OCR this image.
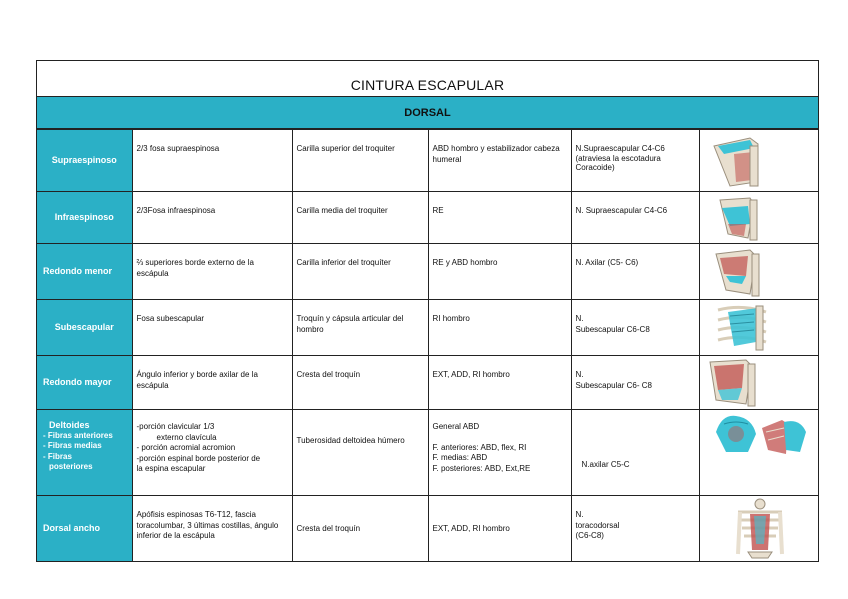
CINTURA ESCAPULAR
DORSAL
Supraespinoso	2/3 fosa supraespinosa	Carilla superior del troquiter	ABD hombro y estabilizador cabeza humeral	N.Supraescapular C4-C6
(atraviesa la escotadura
Coracoide)

Infraespinoso	2/3Fosa infraespinosa	Carilla media del troquiter	RE	N. Supraescapular C4-C6

Redondo menor	⅔ superiores borde externo de la escápula	Carilla inferior del troquíter	RE y ABD hombro	N. Axilar (C5- C6)

Subescapular	Fosa subescapular	Troquín y cápsula articular del hombro	RI hombro	N.
Subescapular C6-C8

Redondo mayor	Ángulo inferior y borde axilar de la escápula	Cresta del troquín	EXT, ADD, RI hombro	N.
Subescapular C6- C8

Deltoides
- Fibras anteriores
- Fibras medias
- Fibras
posteriores	-porción clavicular 1/3
externo clavícula
- porción acromial acromion
-porción espinal borde posterior de
la espina escapular	Tuberosidad deltoidea húmero	General ABD
F. anteriores: ABD, flex, RI
F. medias: ABD
F. posteriores: ABD, Ext,RE	N.axilar C5-C

Dorsal ancho	Apófisis espinosas T6-T12, fascia toracolumbar, 3 últimas costillas, ángulo inferior de la escápula	Cresta del troquín	EXT, ADD, RI hombro	N.
toracodorsal
(C6-C8)
